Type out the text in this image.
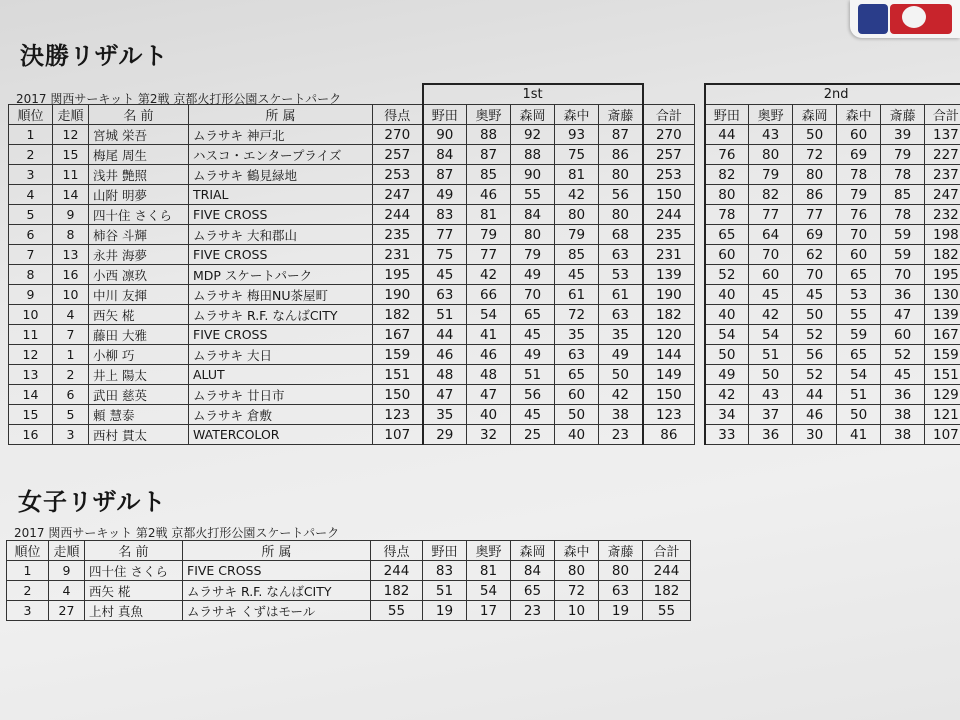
決勝リザルト
2017 関西サーキット 第2戦 京都火打形公園スケートパーク
					1st							2nd					
順位	走順	名 前	所 属	得点	野田	奥野	森岡	森中	斎藤	合計		野田	奥野	森岡	森中	斎藤	合計
1	12	宮城 栄吾	ムラサキ 神戸北	270	90	88	92	93	87	270		44	43	50	60	39	137
2	15	梅尾 周生	ハスコ・エンタープライズ	257	84	87	88	75	86	257		76	80	72	69	79	227
3	11	浅井 艶照	ムラサキ 鶴見緑地	253	87	85	90	81	80	253		82	79	80	78	78	237
4	14	山附 明夢	TRIAL	247	49	46	55	42	56	150		80	82	86	79	85	247
5	9	四十住 さくら	FIVE CROSS	244	83	81	84	80	80	244		78	77	77	76	78	232
6	8	柿谷 斗輝	ムラサキ 大和郡山	235	77	79	80	79	68	235		65	64	69	70	59	198
7	13	永井 海夢	FIVE CROSS	231	75	77	79	85	63	231		60	70	62	60	59	182
8	16	小西 凛玖	MDP スケートパーク	195	45	42	49	45	53	139		52	60	70	65	70	195
9	10	中川 友揮	ムラサキ 梅田NU茶屋町	190	63	66	70	61	61	190		40	45	45	53	36	130
10	4	西矢 椛	ムラサキ R.F. なんばCITY	182	51	54	65	72	63	182		40	42	50	55	47	139
11	7	藤田 大雅	FIVE CROSS	167	44	41	45	35	35	120		54	54	52	59	60	167
12	1	小柳 巧	ムラサキ 大日	159	46	46	49	63	49	144		50	51	56	65	52	159
13	2	井上 陽太	ALUT	151	48	48	51	65	50	149		49	50	52	54	45	151
14	6	武田 慈英	ムラサキ 廿日市	150	47	47	56	60	42	150		42	43	44	51	36	129
15	5	頼 慧泰	ムラサキ 倉敷	123	35	40	45	50	38	123		34	37	46	50	38	121
16	3	西村 貫太	WATERCOLOR	107	29	32	25	40	23	86		33	36	30	41	38	107
女子リザルト
2017 関西サーキット 第2戦 京都火打形公園スケートパーク
順位	走順	名 前	所 属	得点	野田	奥野	森岡	森中	斎藤	合計
1	9	四十住 さくら	FIVE CROSS	244	83	81	84	80	80	244
2	4	西矢 椛	ムラサキ R.F. なんばCITY	182	51	54	65	72	63	182
3	27	上村 真魚	ムラサキ くずはモール	55	19	17	23	10	19	55
